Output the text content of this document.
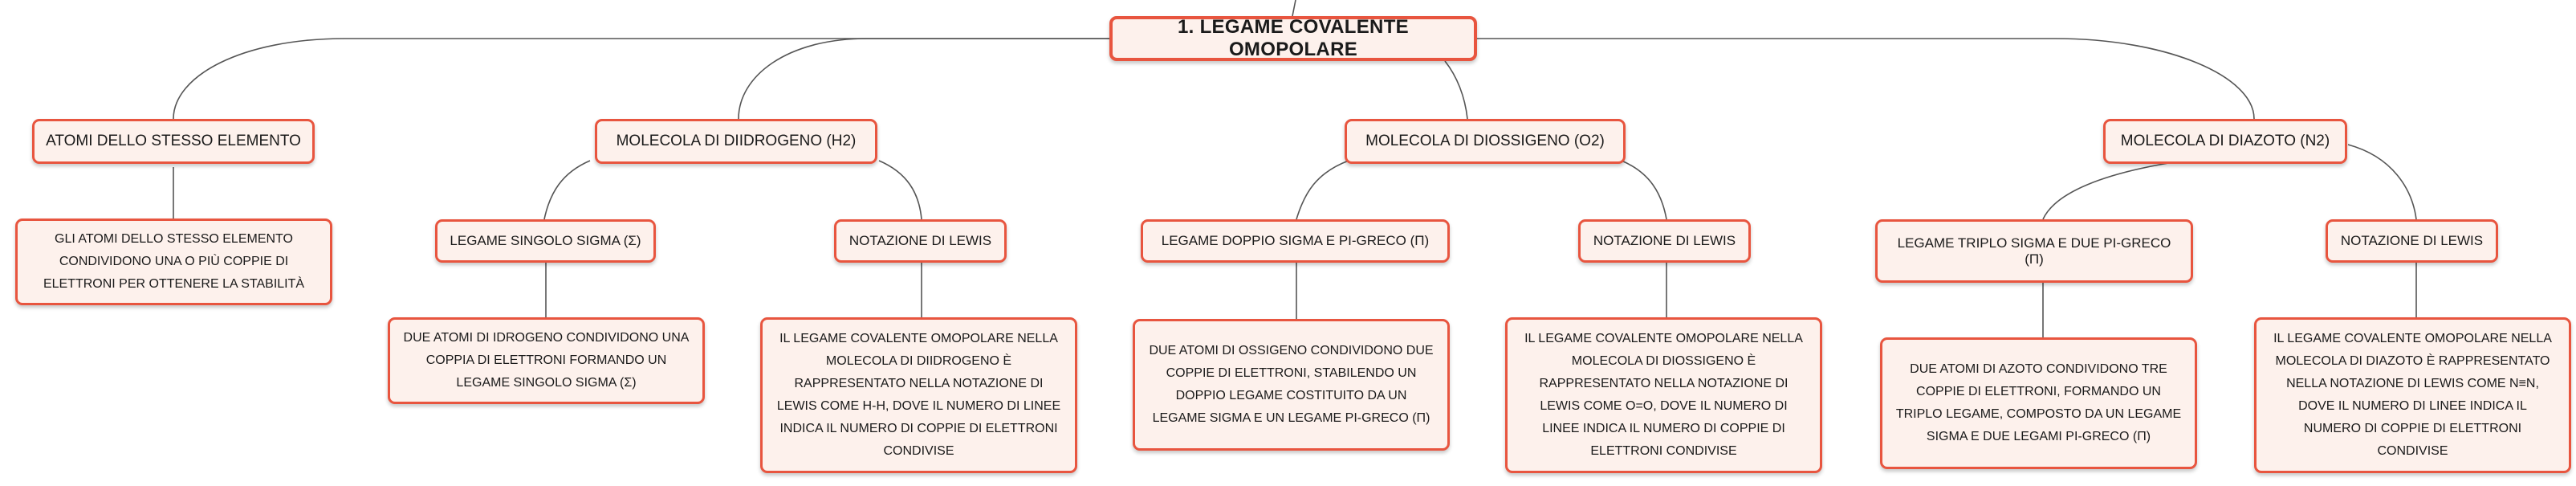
1. LEGAME COVALENTE OMOPOLARE
ATOMI DELLO STESSO ELEMENTO	MOLECOLA DI DIIDROGENO (H2)	MOLECOLA DI DIOSSIGENO (O2)	MOLECOLA DI DIAZOTO (N2)
GLI ATOMI DELLO STESSO ELEMENTO CONDIVIDONO UNA O PIÙ COPPIE DI ELETTRONI PER OTTENERE LA STABILITÀ
LEGAME SINGOLO SIGMA (Σ)	NOTAZIONE DI LEWIS
DUE ATOMI DI IDROGENO CONDIVIDONO UNA COPPIA DI ELETTRONI FORMANDO UN LEGAME SINGOLO SIGMA (Σ)
IL LEGAME COVALENTE OMOPOLARE NELLA MOLECOLA DI DIIDROGENO È RAPPRESENTATO NELLA NOTAZIONE DI LEWIS COME H-H, DOVE IL NUMERO DI LINEE INDICA IL NUMERO DI COPPIE DI ELETTRONI CONDIVISE
LEGAME DOPPIO SIGMA E PI-GRECO (Π)	NOTAZIONE DI LEWIS
DUE ATOMI DI OSSIGENO CONDIVIDONO DUE COPPIE DI ELETTRONI, STABILENDO UN DOPPIO LEGAME COSTITUITO DA UN LEGAME SIGMA E UN LEGAME PI-GRECO (Π)
IL LEGAME COVALENTE OMOPOLARE NELLA MOLECOLA DI DIOSSIGENO È RAPPRESENTATO NELLA NOTAZIONE DI LEWIS COME O=O, DOVE IL NUMERO DI LINEE INDICA IL NUMERO DI COPPIE DI ELETTRONI CONDIVISE
LEGAME TRIPLO SIGMA E DUE PI-GRECO (Π)
NOTAZIONE DI LEWIS
DUE ATOMI DI AZOTO CONDIVIDONO TRE COPPIE DI ELETTRONI, FORMANDO UN TRIPLO LEGAME, COMPOSTO DA UN LEGAME SIGMA E DUE LEGAMI PI-GRECO (Π)
IL LEGAME COVALENTE OMOPOLARE NELLA MOLECOLA DI DIAZOTO È RAPPRESENTATO NELLA NOTAZIONE DI LEWIS COME N≡N, DOVE IL NUMERO DI LINEE INDICA IL NUMERO DI COPPIE DI ELETTRONI CONDIVISE
